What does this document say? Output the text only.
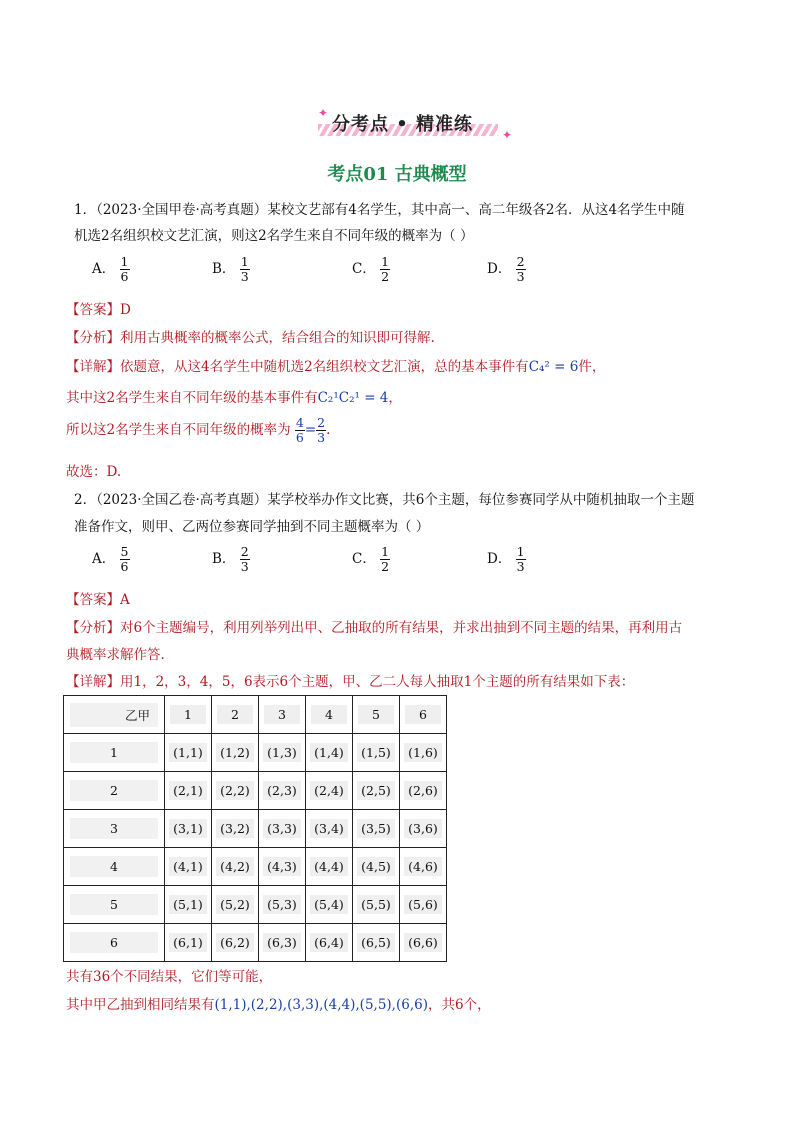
分考点 • 精准练
✦
✦
考点01 古典概型
1．（2023·全国甲卷·高考真题）某校文艺部有4名学生，其中高一、高二年级各2名．从这4名学生中随
机选2名组织校文艺汇演，则这2名学生来自不同年级的概率为（ ）
A． $\frac{1}{6}$	B． $\frac{1}{3}$	C． $\frac{1}{2}$	D． $\frac{2}{3}$
【答案】D
【分析】利用古典概率的概率公式，结合组合的知识即可得解.
【详解】依题意，从这4名学生中随机选2名组织校文艺汇演，总的基本事件有C₄² = 6件，
其中这2名学生来自不同年级的基本事件有C₂¹C₂¹ = 4，
所以这2名学生来自不同年级的概率为 $\frac{4}{6} = \frac{2}{3}$ .
故选：D.
2．（2023·全国乙卷·高考真题）某学校举办作文比赛，共6个主题，每位参赛同学从中随机抽取一个主题
准备作文，则甲、乙两位参赛同学抽到不同主题概率为（ ）
A． $\frac{5}{6}$	B． $\frac{2}{3}$	C． $\frac{1}{2}$	D． $\frac{1}{3}$
【答案】A
【分析】对6个主题编号，利用列举列出甲、乙抽取的所有结果，并求出抽到不同主题的结果，再利用古
典概率求解作答.
【详解】用1，2，3，4，5，6表示6个主题，甲、乙二人每人抽取1个主题的所有结果如下表：
乙甲	1	2	3	4	5	6
1	(1,1)	(1,2)	(1,3)	(1,4)	(1,5)	(1,6)
2	(2,1)	(2,2)	(2,3)	(2,4)	(2,5)	(2,6)
3	(3,1)	(3,2)	(3,3)	(3,4)	(3,5)	(3,6)
4	(4,1)	(4,2)	(4,3)	(4,4)	(4,5)	(4,6)
5	(5,1)	(5,2)	(5,3)	(5,4)	(5,5)	(5,6)
6	(6,1)	(6,2)	(6,3)	(6,4)	(6,5)	(6,6)
共有36个不同结果，它们等可能，
其中甲乙抽到相同结果有(1,1),(2,2),(3,3),(4,4),(5,5),(6,6)，共6个，
